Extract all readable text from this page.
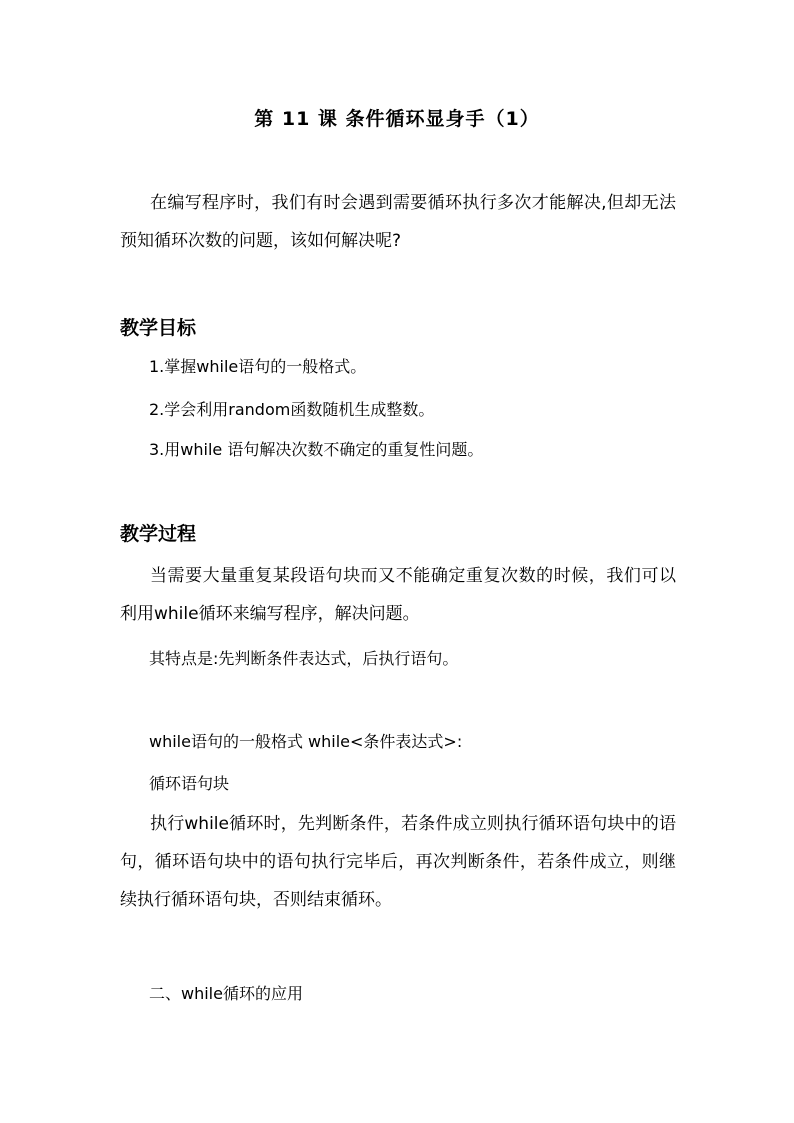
第 11 课 条件循环显身手（1）

在编写程序时，我们有时会遇到需要循环执行多次才能解决,但却无法预知循环次数的问题，该如何解决呢?

教学目标
1.掌握while语句的一般格式。
2.学会利用random函数随机生成整数。
3.用while 语句解决次数不确定的重复性问题。
教学过程

当需要大量重复某段语句块而又不能确定重复次数的时候，我们可以利用while循环来编写程序，解决问题。

其特点是:先判断条件表达式，后执行语句。
while语句的一般格式 while<条件表达式>:
循环语句块

执行while循环时，先判断条件，若条件成立则执行循环语句块中的语句，循环语句块中的语句执行完毕后，再次判断条件，若条件成立，则继续执行循环语句块，否则结束循环。

二、while循环的应用
